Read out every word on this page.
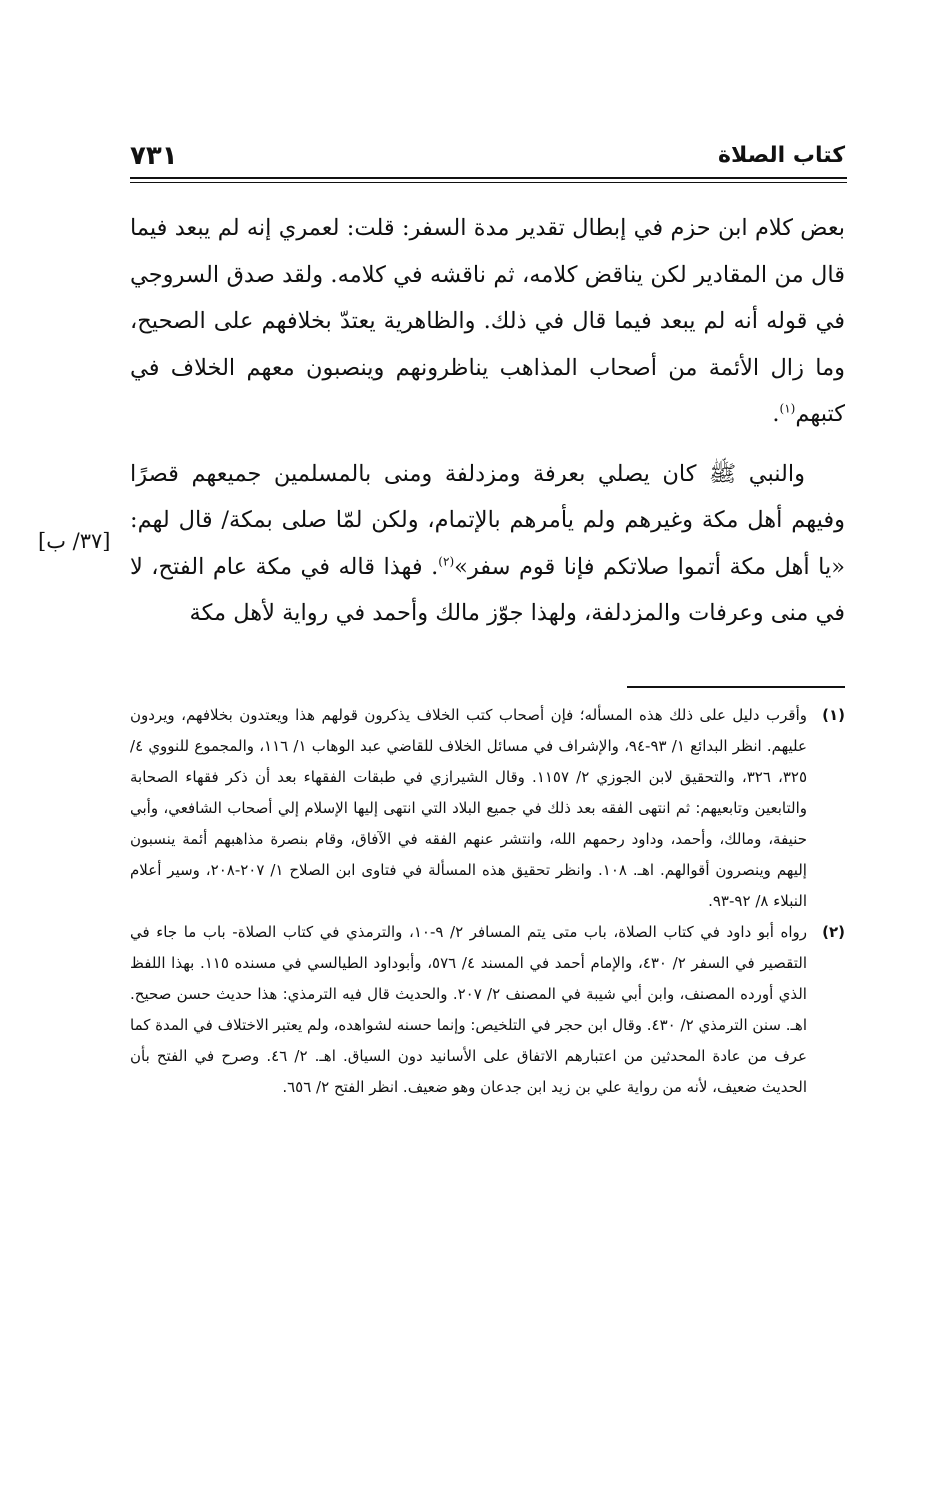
كتاب الصلاة
٧٣١

بعض كلام ابن حزم في إبطال تقدير مدة السفر: قلت: لعمري إنه لم يبعد فيما قال من المقادير لكن يناقض كلامه، ثم ناقشه في كلامه. ولقد صدق السروجي في قوله أنه لم يبعد فيما قال في ذلك. والظاهرية يعتدّ بخلافهم على الصحيح، وما زال الأئمة من أصحاب المذاهب يناظرونهم وينصبون معهم الخلاف في كتبهم$^{(١)}$.

والنبي ﷺ كان يصلي بعرفة ومزدلفة ومنى بالمسلمين جميعهم قصرًا وفيهم أهل مكة وغيرهم ولم يأمرهم بالإتمام، ولكن لمّا صلى بمكة/ قال لهم: «يا أهل مكة أتموا صلاتكم فإنا قوم سفر»$^{(٢)}$. فهذا قاله في مكة عام الفتح، لا في منى وعرفات والمزدلفة، ولهذا جوّز مالك وأحمد في رواية لأهل مكة

[٣٧/ ب]
(١)
وأقرب دليل على ذلك هذه المسأله؛ فإن أصحاب كتب الخلاف يذكرون قولهم هذا ويعتدون بخلافهم، ويردون عليهم. انظر البدائع ١/ ٩٣-٩٤، والإشراف في مسائل الخلاف للقاضي عبد الوهاب ١/ ١١٦، والمجموع للنووي ٤/ ٣٢٥، ٣٢٦، والتحقيق لابن الجوزي ٢/ ١١٥٧. وقال الشيرازي في طبقات الفقهاء بعد أن ذكر فقهاء الصحابة والتابعين وتابعيهم: ثم انتهى الفقه بعد ذلك في جميع البلاد التي انتهى إليها الإسلام إلي أصحاب الشافعي، وأبي حنيفة، ومالك، وأحمد، وداود رحمهم الله، وانتشر عنهم الفقه في الآفاق، وقام بنصرة مذاهبهم أئمة ينسبون إليهم وينصرون أقوالهم. اهـ. ١٠٨. وانظر تحقيق هذه المسألة في فتاوى ابن الصلاح ١/ ٢٠٧-٢٠٨، وسير أعلام النبلاء ٨/ ٩٢-٩٣.
(٢)
رواه أبو داود في كتاب الصلاة، باب متى يتم المسافر ٢/ ٩-١٠، والترمذي في كتاب الصلاة- باب ما جاء في التقصير في السفر ٢/ ٤٣٠، والإمام أحمد في المسند ٤/ ٥٧٦، وأبوداود الطيالسي في مسنده ١١٥. بهذا اللفظ الذي أورده المصنف، وابن أبي شيبة في المصنف ٢/ ٢٠٧. والحديث قال فيه الترمذي: هذا حديث حسن صحيح. اهـ. سنن الترمذي ٢/ ٤٣٠. وقال ابن حجر في التلخيص: وإنما حسنه لشواهده، ولم يعتبر الاختلاف في المدة كما عرف من عادة المحدثين من اعتبارهم الاتفاق على الأسانيد دون السياق. اهـ. ٢/ ٤٦. وصرح في الفتح بأن الحديث ضعيف، لأنه من رواية علي بن زيد ابن جدعان وهو ضعيف. انظر الفتح ٢/ ٦٥٦.
